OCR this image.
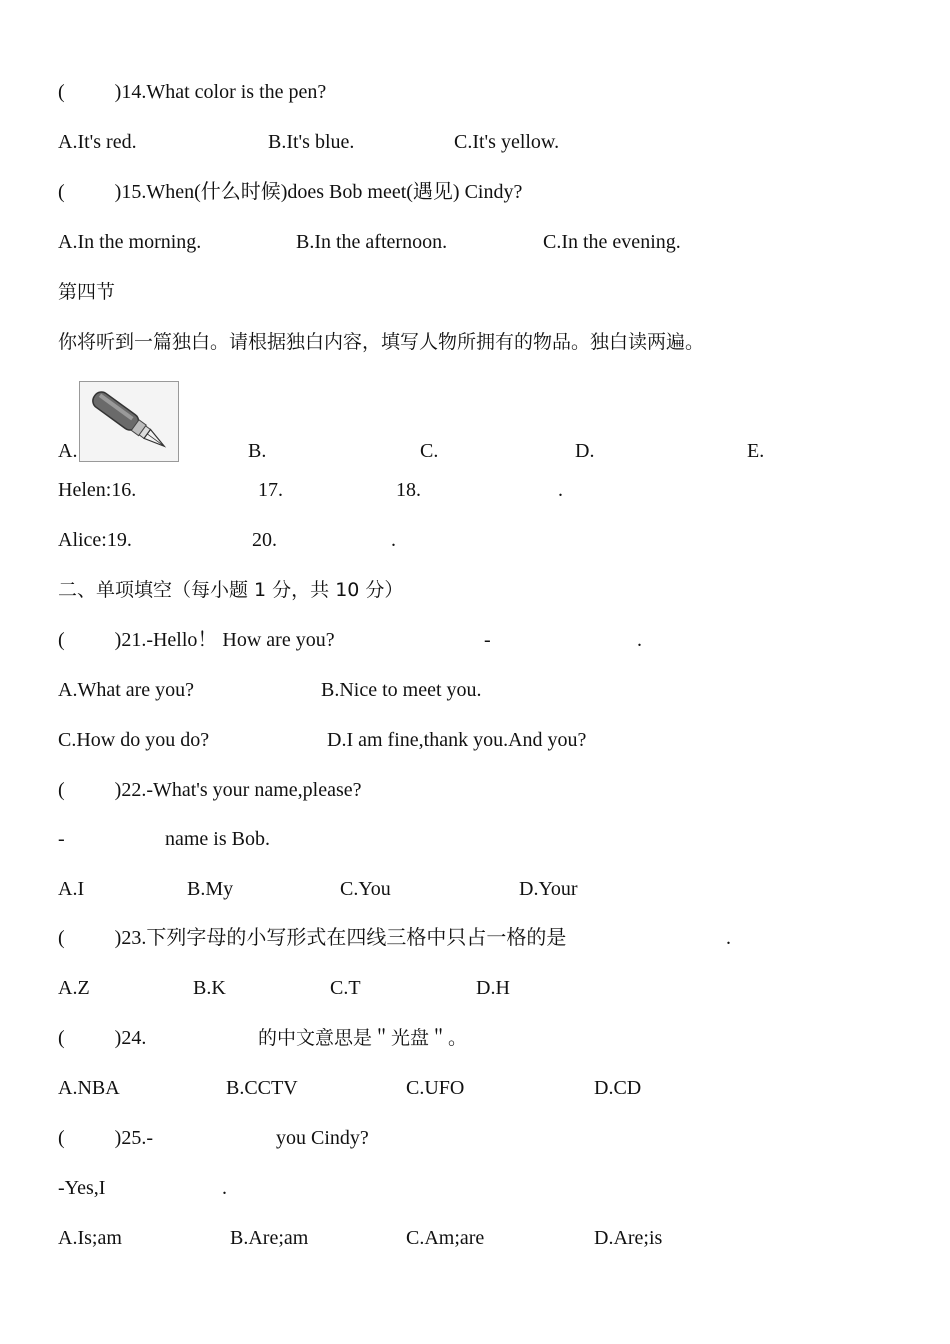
(          )14.What color is the pen?
A.It's red.	B.It's blue.	C.It's yellow.
(          )15.When(什么时候)does Bob meet(遇见) Cindy?
A.In the morning.	B.In the afternoon.	C.In the evening.
第四节
你将听到一篇独白。请根据独白内容，填写人物所拥有的物品。独白读两遍。
A.	B.	C.	D.	E.
Helen:16.	17.	18.	.
Alice:19.	20.	.
二、单项填空（每小题 1 分，共 10 分）
(          )21.-Hello！ How are you?	-	.
A.What are you?	B.Nice to meet you.
C.How do you do?	D.I am fine,thank you.And you?
(          )22.-What's your name,please?
-	name is Bob.
A.I	B.My	C.You	D.Your
(          )23.下列字母的小写形式在四线三格中只占一格的是	.
A.Z	B.K	C.T	D.H
(          )24.	的中文意思是＂光盘＂。
A.NBA	B.CCTV	C.UFO	D.CD
(          )25.-	you Cindy?
-Yes,I	.
A.Is;am	B.Are;am	C.Am;are	D.Are;is
